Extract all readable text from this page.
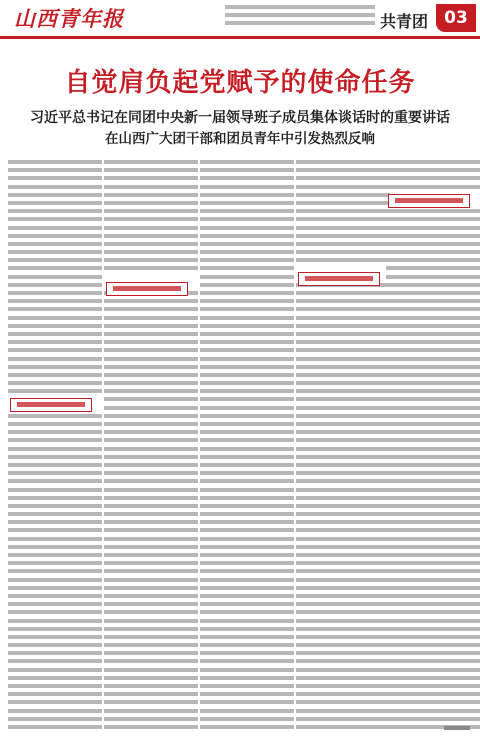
山西青年报	共青团 03
自觉肩负起党赋予的使命任务
习近平总书记在同团中央新一届领导班子成员集体谈话时的重要讲话
在山西广大团干部和团员青年中引发热烈反响
